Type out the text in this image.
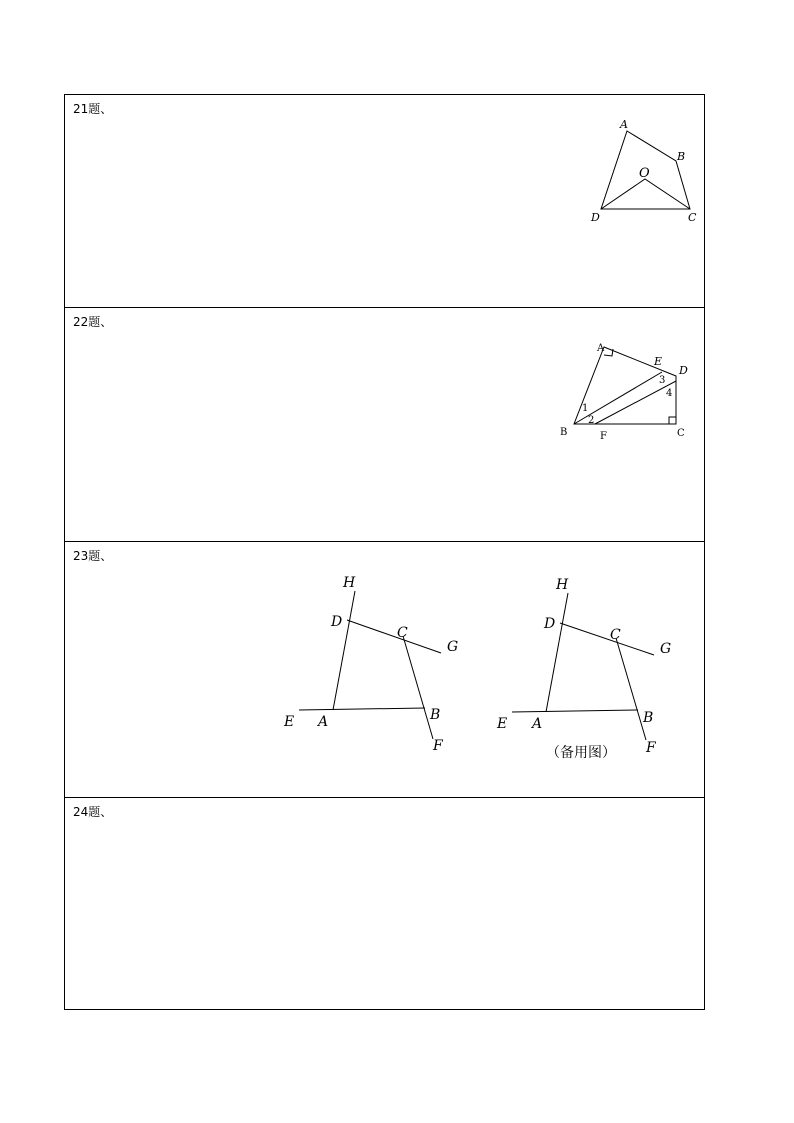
21题、
A
B
O
D	C
22题、
A
E
D
B	F	C
1
2
3
4
23题、
H
D
C
G
E A	B
F
H
D
C
G
E A	B
F
（备用图）
24题、
